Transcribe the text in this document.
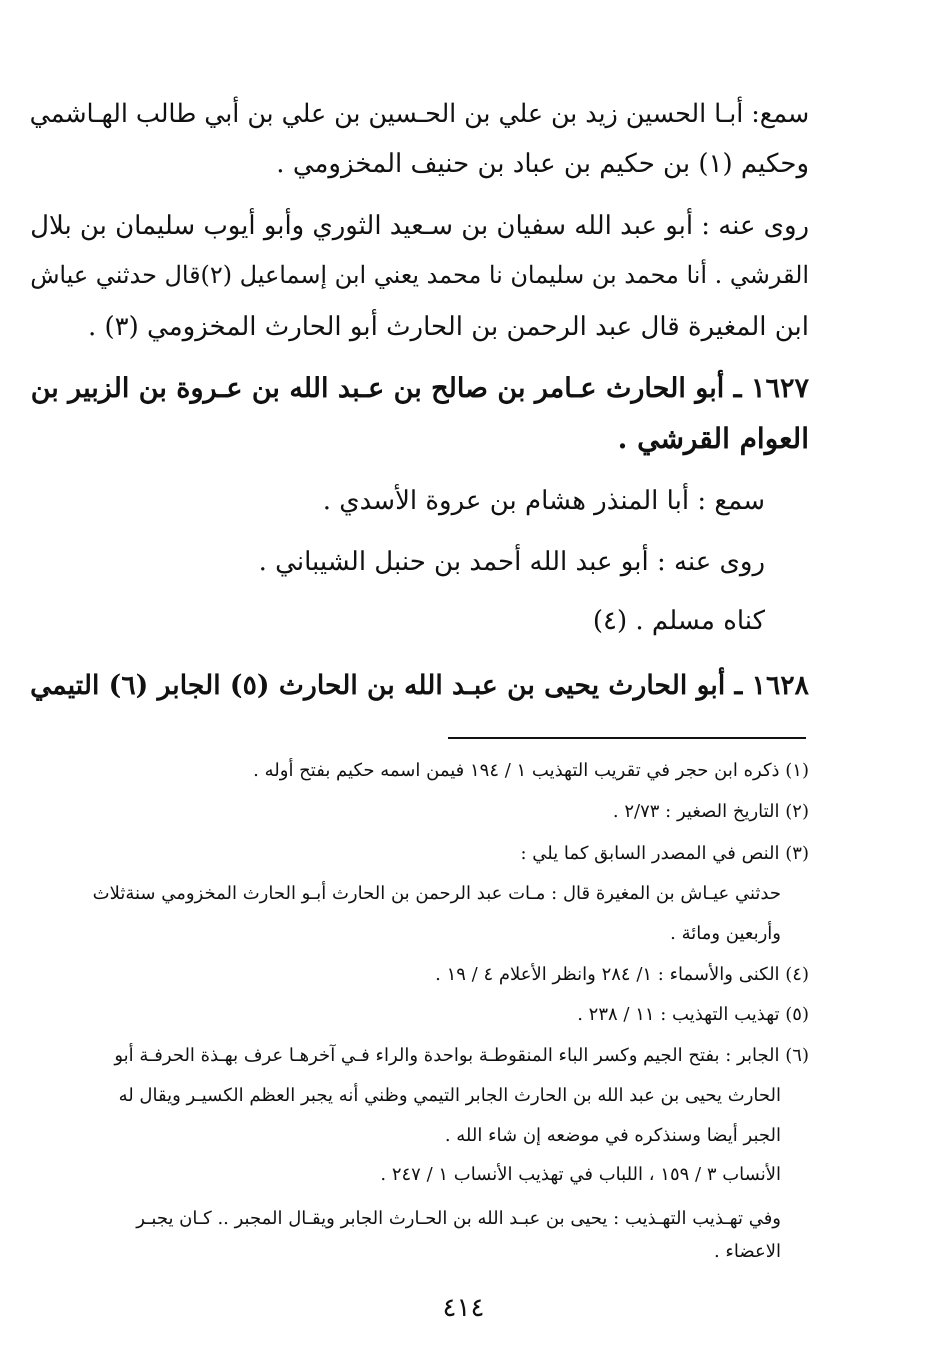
سمع: أبـا الحسين زيد بن علي بن الحـسين بن علي بن أبي طالب الهـاشمي
وحكيم (١) بن حكيم بن عباد بن حنيف المخزومي .
روى عنه : أبو عبد الله سفيان بن سـعيد الثوري وأبو أيوب سليمان بن بلال
القرشي . أنا محمد بن سليمان نا محمد يعني ابن إسماعيل (٢)قال حدثني عياش
ابن المغيرة قال عبد الرحمن بن الحارث أبو الحارث المخزومي (٣) .
١٦٢٧ ـ أبو الحارث عـامر بن صالح بن عـبد الله بن عـروة بن الزبير بن
العوام القرشي .
سمع : أبا المنذر هشام بن عروة الأسدي .
روى عنه : أبو عبد الله أحمد بن حنبل الشيباني .
كناه مسلم . (٤)
١٦٢٨ ـ أبو الحارث يحيى بن عبـد الله بن الحارث (٥) الجابر (٦) التيمي
(١) ذكره ابن حجر في تقريب التهذيب ١ / ١٩٤ فيمن اسمه حكيم بفتح أوله .
(٢) التاريخ الصغير : ٢/٧٣ .
(٣) النص في المصدر السابق كما يلي :
حدثني عيـاش بن المغيرة قال : مـات عبد الرحمن بن الحارث أبـو الحارث المخزومي سنةثلاث
وأربعين ومائة .
(٤) الكنى والأسماء : ١/ ٢٨٤ وانظر الأعلام ٤ / ١٩ .
(٥) تهذيب التهذيب : ١١ / ٢٣٨ .
(٦) الجابر : بفتح الجيم وكسر الباء المنقوطـة بواحدة والراء فـي آخرهـا عرف بهـذة الحرفـة أبو
الحارث يحيى بن عبد الله بن الحارث الجابر التيمي وظني أنه يجبر العظم الكسيـر ويقال له
الجبر أيضا وسنذكره في موضعه إن شاء الله .
الأنساب ٣ / ١٥٩ ، اللباب في تهذيب الأنساب ١ / ٢٤٧ .
وفي تهـذيب التهـذيب : يحيى بن عبـد الله بن الحـارث الجابر ويقـال المجبر .. كـان يجبـر
الاعضاء .
٤١٤
